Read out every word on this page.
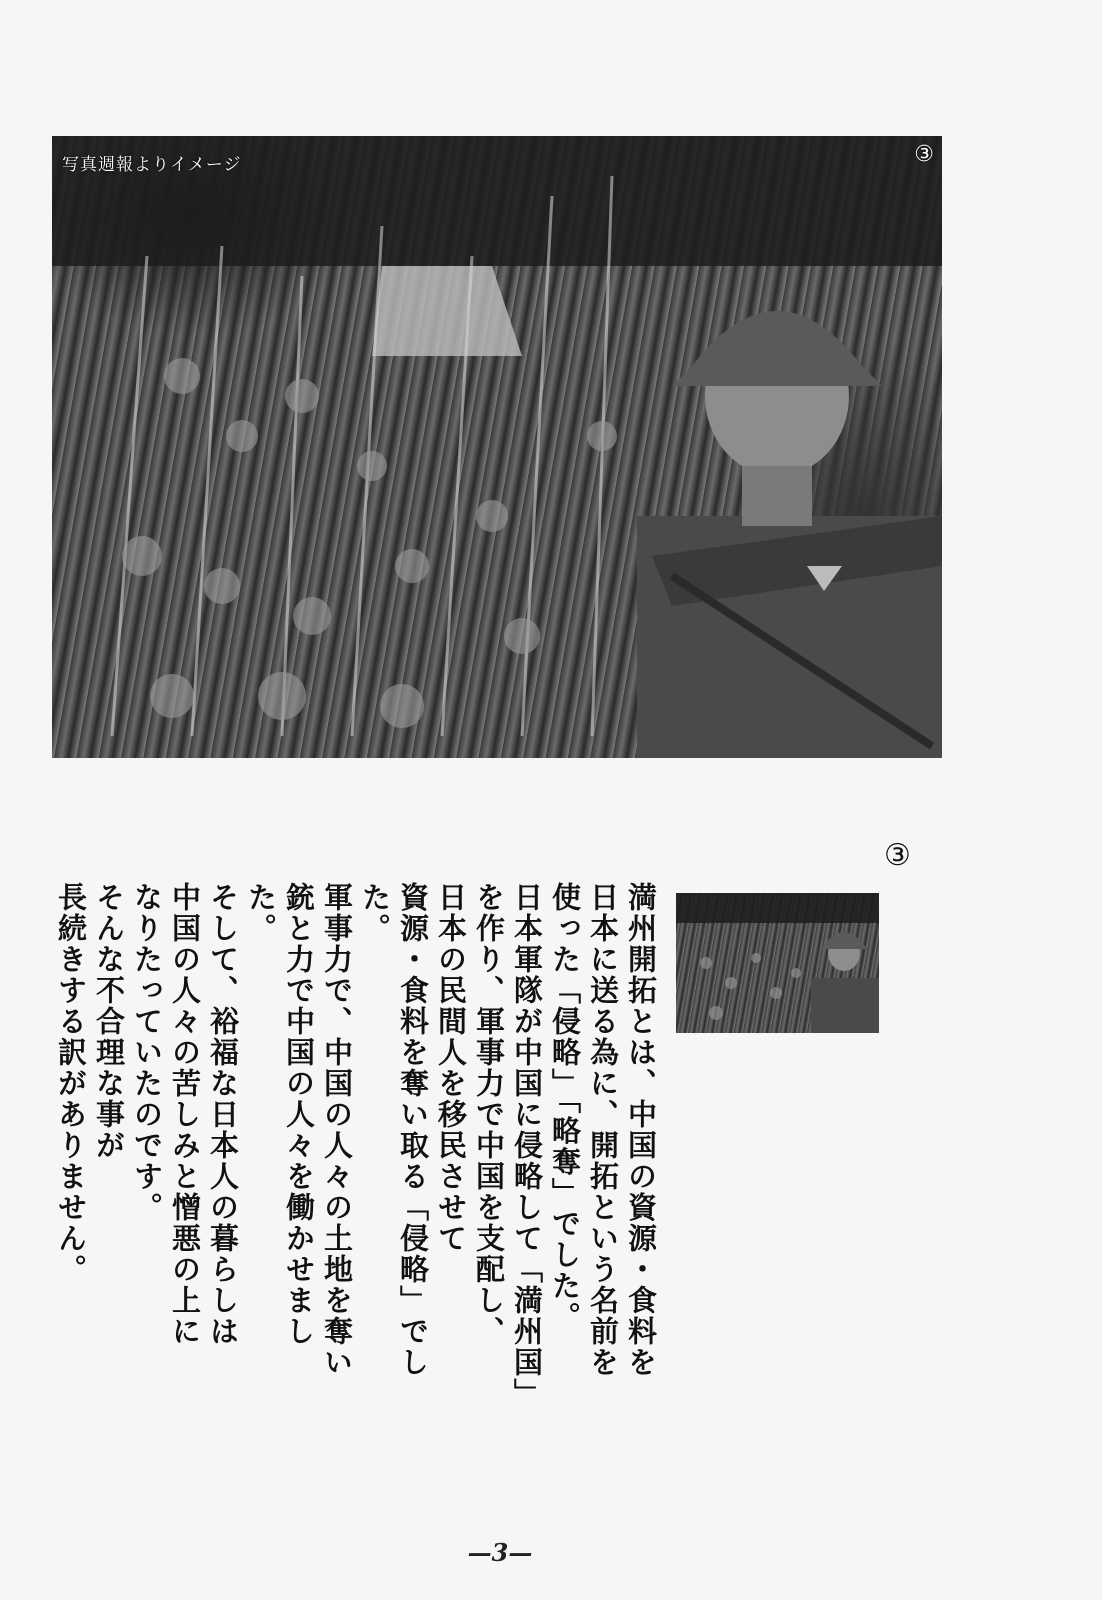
写真週報よりイメージ	③
③
満州開拓とは、中国の資源・食料を
日本に送る為に、開拓という名前を
使った「侵略」「略奪」でした。
日本軍隊が中国に侵略して「満州国」
を作り、軍事力で中国を支配し、
日本の民間人を移民させて
資源・食料を奪い取る「侵略」でした。
軍事力で、中国の人々の土地を奪い
銃と力で中国の人々を働かせました。
そして、裕福な日本人の暮らしは
中国の人々の苦しみと憎悪の上に
なりたっていたのです。
そんな不合理な事が
長続きする訳がありません。
—3—
